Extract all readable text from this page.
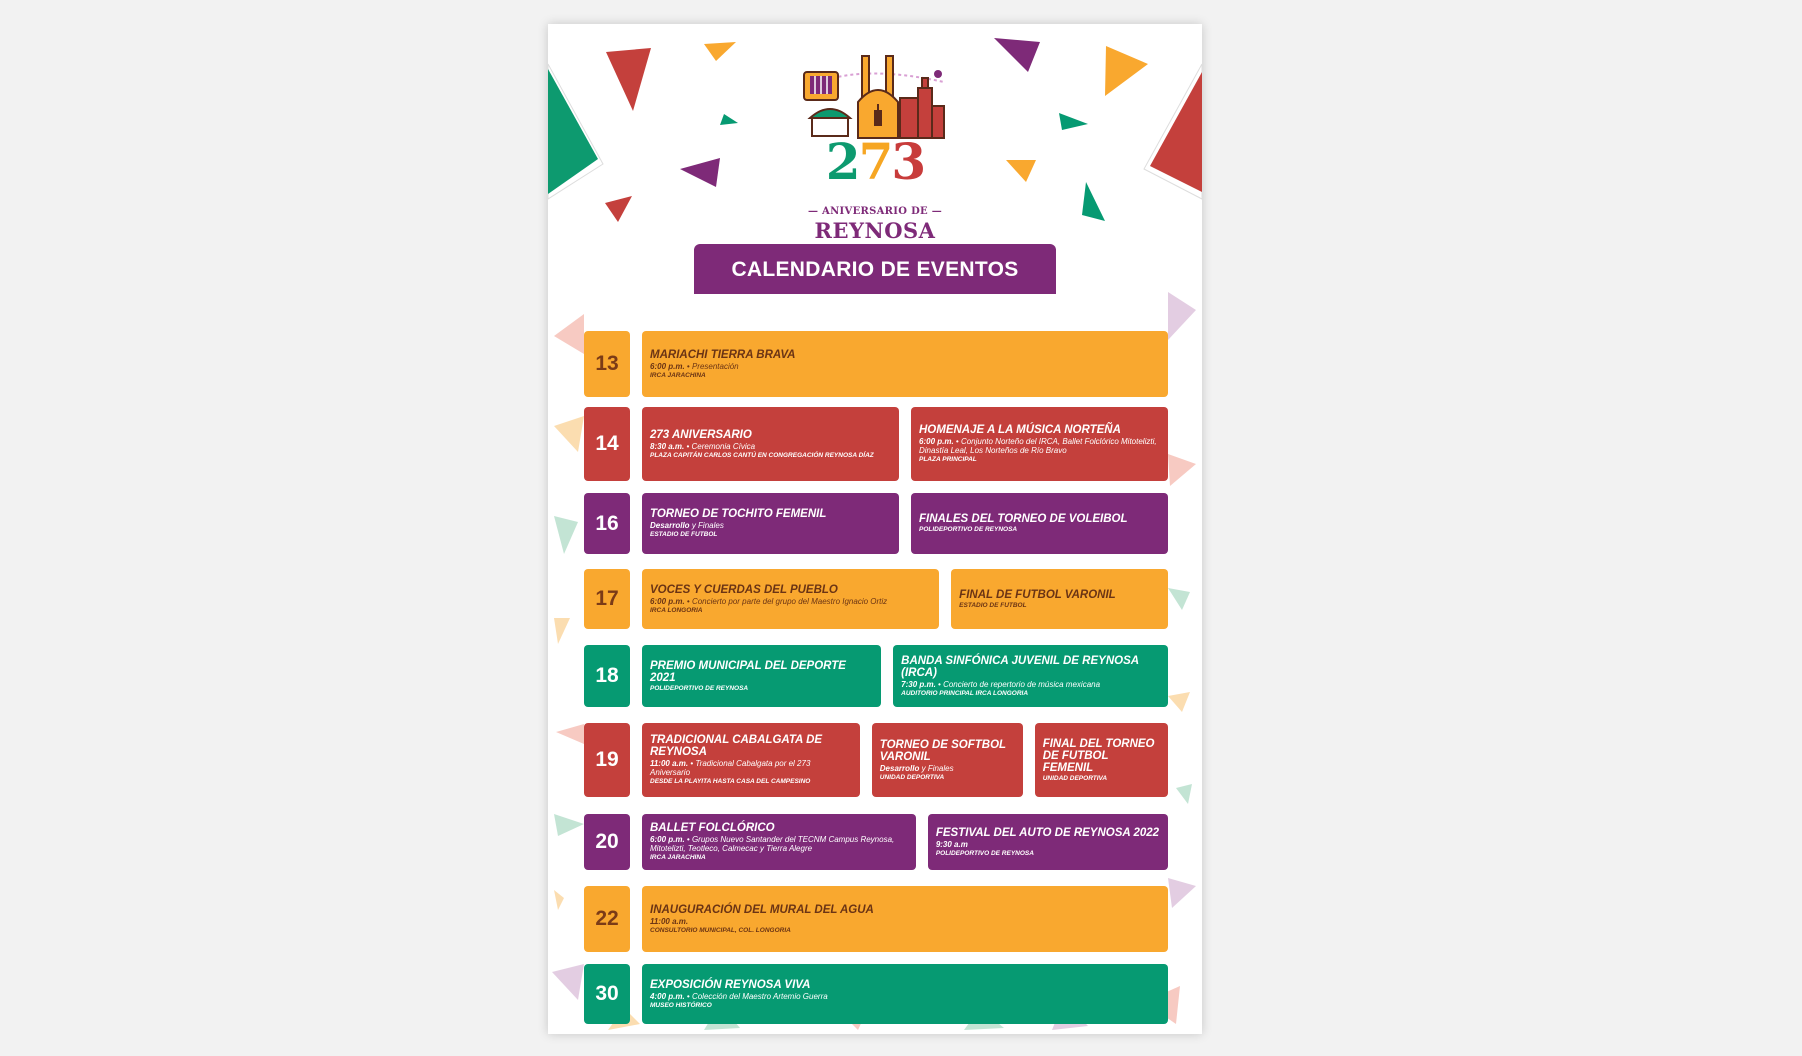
273
— ANIVERSARIO DE —
REYNOSA
CALENDARIO DE EVENTOS
13	MARIACHI TIERRA BRAVA
6:00 p.m. • Presentación
IRCA JARACHINA
14	273 ANIVERSARIO
8:30 a.m. • Ceremonia Cívica
PLAZA CAPITÁN CARLOS CANTÚ EN CONGREGACIÓN REYNOSA DÍAZ
HOMENAJE A LA MÚSICA NORTEÑA
6:00 p.m. • Conjunto Norteño del IRCA, Ballet Folclórico Mitotelizti, Dinastía Leal, Los Norteños de Río Bravo
PLAZA PRINCIPAL
16	TORNEO DE TOCHITO FEMENIL
Desarrollo y Finales
ESTADIO DE FUTBOL
FINALES DEL TORNEO DE VOLEIBOL
POLIDEPORTIVO DE REYNOSA
17	VOCES Y CUERDAS DEL PUEBLO
6:00 p.m. • Concierto por parte del grupo del Maestro Ignacio Ortiz
IRCA LONGORIA
FINAL DE FUTBOL VARONIL
ESTADIO DE FUTBOL
18	PREMIO MUNICIPAL DEL DEPORTE 2021
POLIDEPORTIVO DE REYNOSA
BANDA SINFÓNICA JUVENIL DE REYNOSA (IRCA)
7:30 p.m. • Concierto de repertorio de música mexicana
AUDITORIO PRINCIPAL IRCA LONGORIA
19
TRADICIONAL CABALGATA DE REYNOSA
11:00 a.m. • Tradicional Cabalgata por el 273 Aniversario
DESDE LA PLAYITA HASTA CASA DEL CAMPESINO
TORNEO DE SOFTBOL VARONIL
Desarrollo y Finales
UNIDAD DEPORTIVA
FINAL DEL TORNEO DE FUTBOL FEMENIL
UNIDAD DEPORTIVA
20
BALLET FOLCLÓRICO
6:00 p.m. • Grupos Nuevo Santander del TECNM Campus Reynosa, Mitotelizti, Teotleco, Calmecac y Tierra Alegre
IRCA JARACHINA
FESTIVAL DEL AUTO DE REYNOSA 2022
9:30 a.m
POLIDEPORTIVO DE REYNOSA
22	INAUGURACIÓN DEL MURAL DEL AGUA
11:00 a.m.
CONSULTORIO MUNICIPAL, COL. LONGORIA
30	EXPOSICIÓN REYNOSA VIVA
4:00 p.m. • Colección del Maestro Artemio Guerra
MUSEO HISTÓRICO
